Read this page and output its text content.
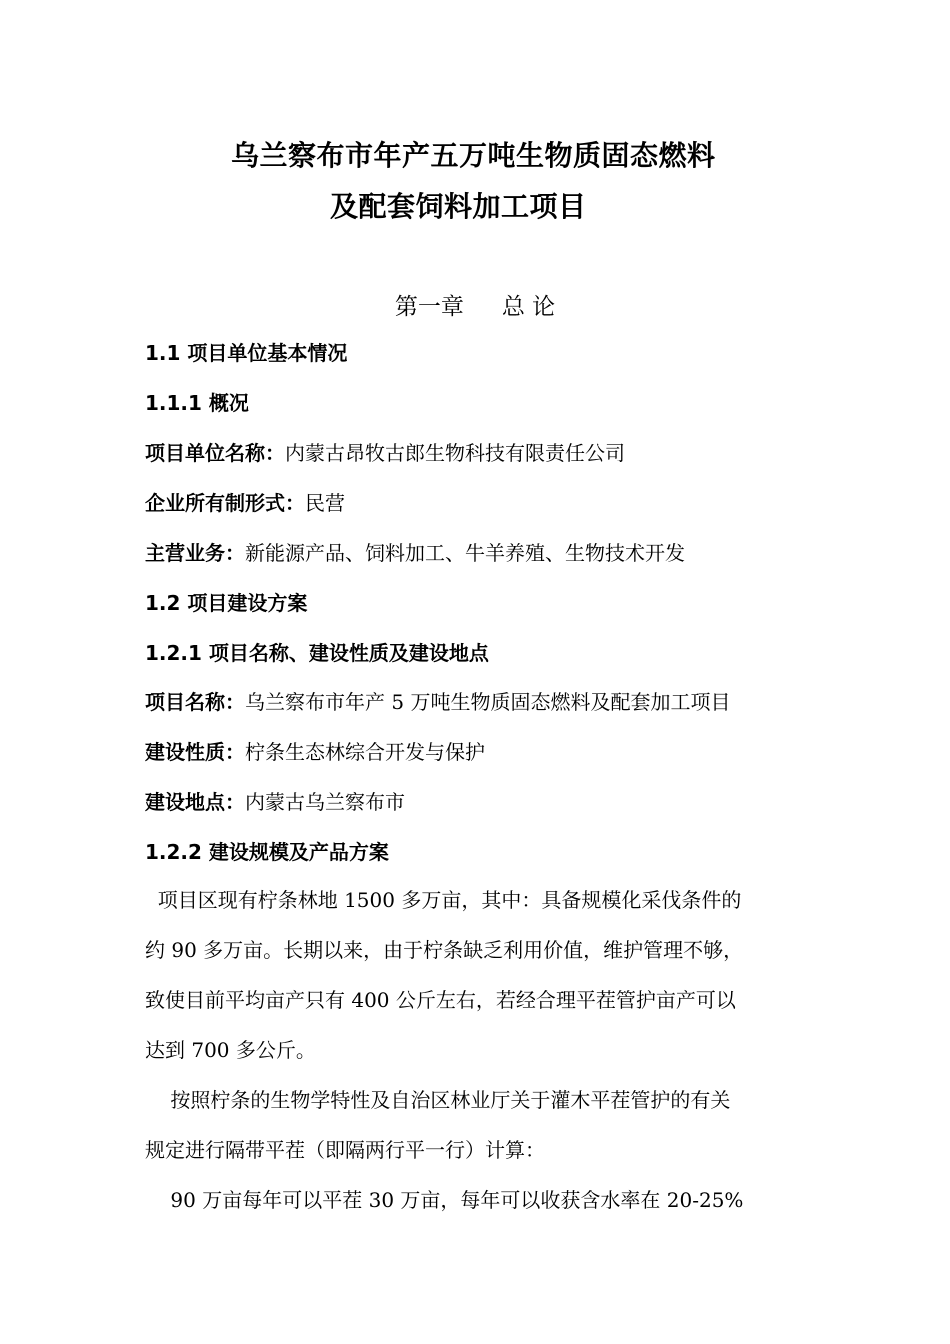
乌兰察布市年产五万吨生物质固态燃料
及配套饲料加工项目
第一章 总 论
1.1 项目单位基本情况
1.1.1 概况
项目单位名称：内蒙古昂牧古郎生物科技有限责任公司
企业所有制形式：民营
主营业务：新能源产品、饲料加工、牛羊养殖、生物技术开发
1.2 项目建设方案
1.2.1 项目名称、建设性质及建设地点
项目名称：乌兰察布市年产 5 万吨生物质固态燃料及配套加工项目
建设性质：柠条生态林综合开发与保护
建设地点：内蒙古乌兰察布市
1.2.2 建设规模及产品方案
项目区现有柠条林地 1500 多万亩，其中：具备规模化采伐条件的
约 90 多万亩。长期以来，由于柠条缺乏利用价值，维护管理不够，
致使目前平均亩产只有 400 公斤左右，若经合理平茬管护亩产可以
达到 700 多公斤。
按照柠条的生物学特性及自治区林业厅关于灌木平茬管护的有关
规定进行隔带平茬（即隔两行平一行）计算：
90 万亩每年可以平茬 30 万亩，每年可以收获含水率在 20-25%
